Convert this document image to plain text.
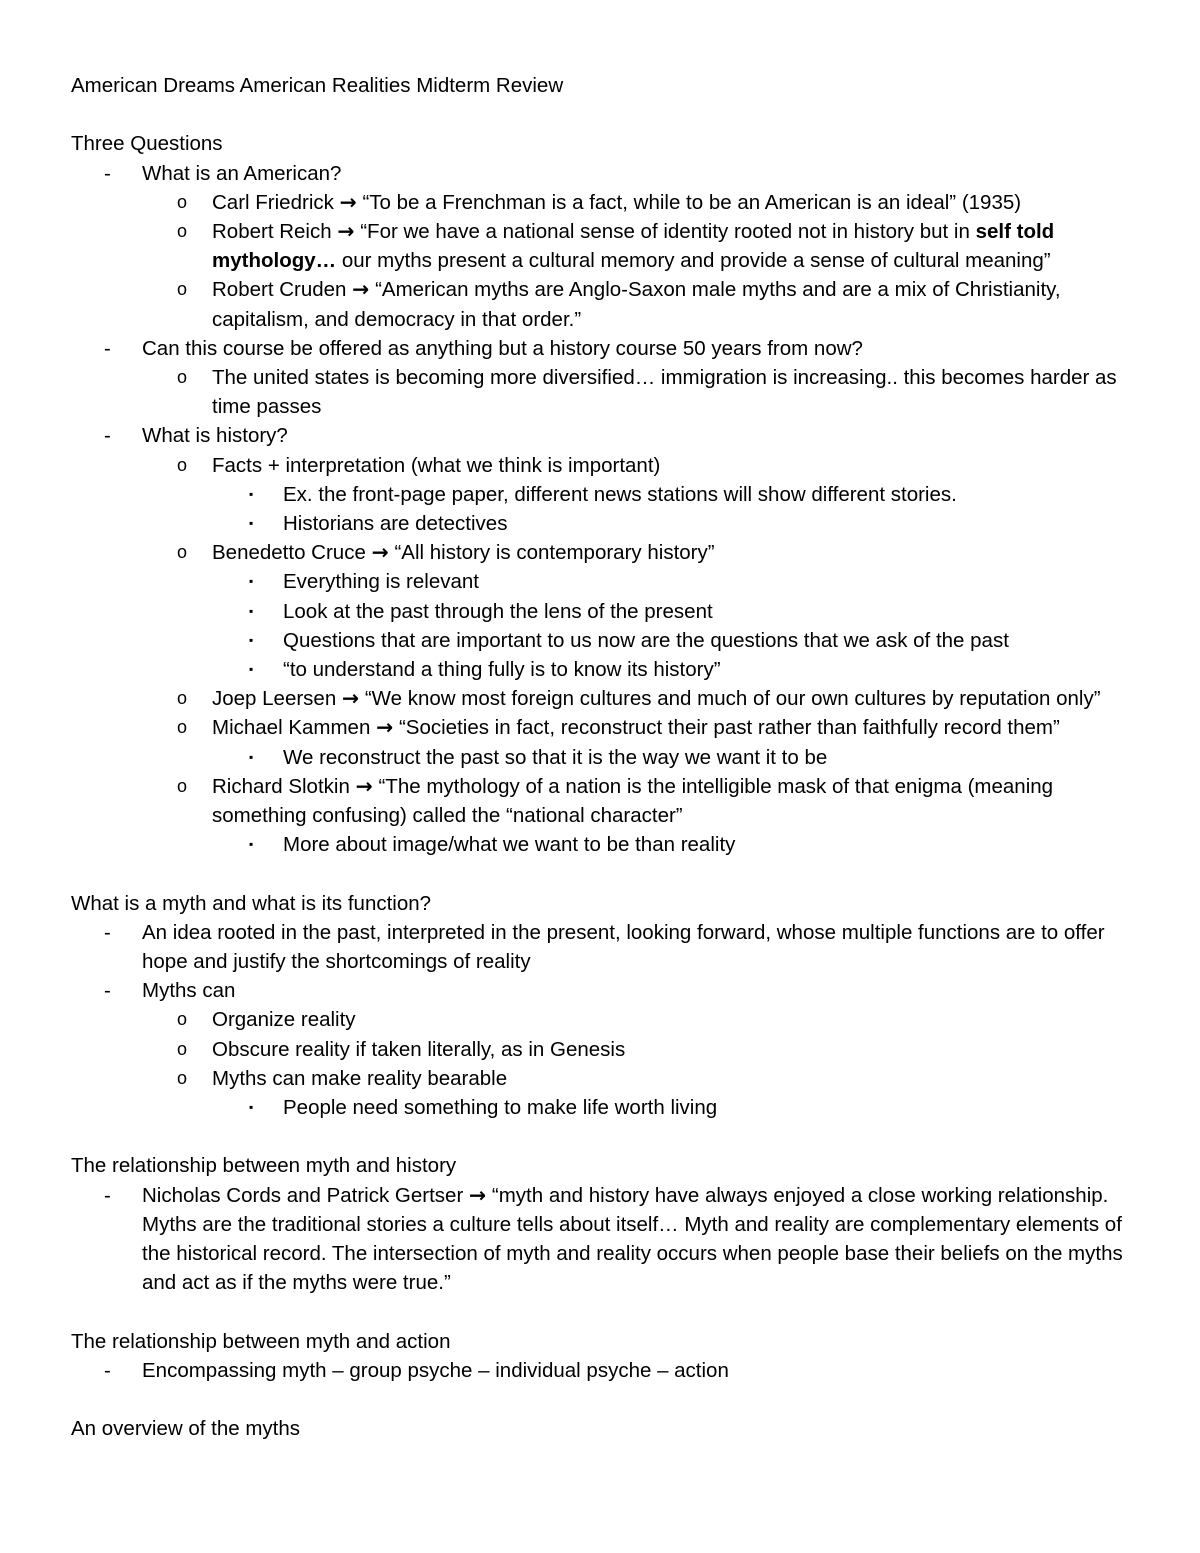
American Dreams American Realities Midterm Review

Three Questions

- What is an American?
o Carl Friedrick → “To be a Frenchman is a fact, while to be an American is an ideal” (1935)
o Robert Reich → “For we have a national sense of identity rooted not in history but in self told mythology… our myths present a cultural memory and provide a sense of cultural meaning”
o Robert Cruden → “American myths are Anglo-Saxon male myths and are a mix of Christianity, capitalism, and democracy in that order.”
- Can this course be offered as anything but a history course 50 years from now?
o The united states is becoming more diversified… immigration is increasing.. this becomes harder as time passes
- What is history?
o Facts + interpretation (what we think is important)
▪ Ex. the front-page paper, different news stations will show different stories.
▪ Historians are detectives
o Benedetto Cruce → “All history is contemporary history”
▪ Everything is relevant
▪ Look at the past through the lens of the present
▪ Questions that are important to us now are the questions that we ask of the past
▪ “to understand a thing fully is to know its history”
o Joep Leersen → “We know most foreign cultures and much of our own cultures by reputation only”
o Michael Kammen → “Societies in fact, reconstruct their past rather than faithfully record them”
▪ We reconstruct the past so that it is the way we want it to be
o Richard Slotkin → “The mythology of a nation is the intelligible mask of that enigma (meaning something confusing) called the “national character”
▪ More about image/what we want to be than reality

What is a myth and what is its function?

- An idea rooted in the past, interpreted in the present, looking forward, whose multiple functions are to offer hope and justify the shortcomings of reality
- Myths can
o Organize reality
o Obscure reality if taken literally, as in Genesis
o Myths can make reality bearable
▪ People need something to make life worth living

The relationship between myth and history

- Nicholas Cords and Patrick Gertser → “myth and history have always enjoyed a close working relationship. Myths are the traditional stories a culture tells about itself… Myth and reality are complementary elements of the historical record. The intersection of myth and reality occurs when people base their beliefs on the myths and act as if the myths were true.”

The relationship between myth and action

- Encompassing myth – group psyche – individual psyche – action

An overview of the myths
